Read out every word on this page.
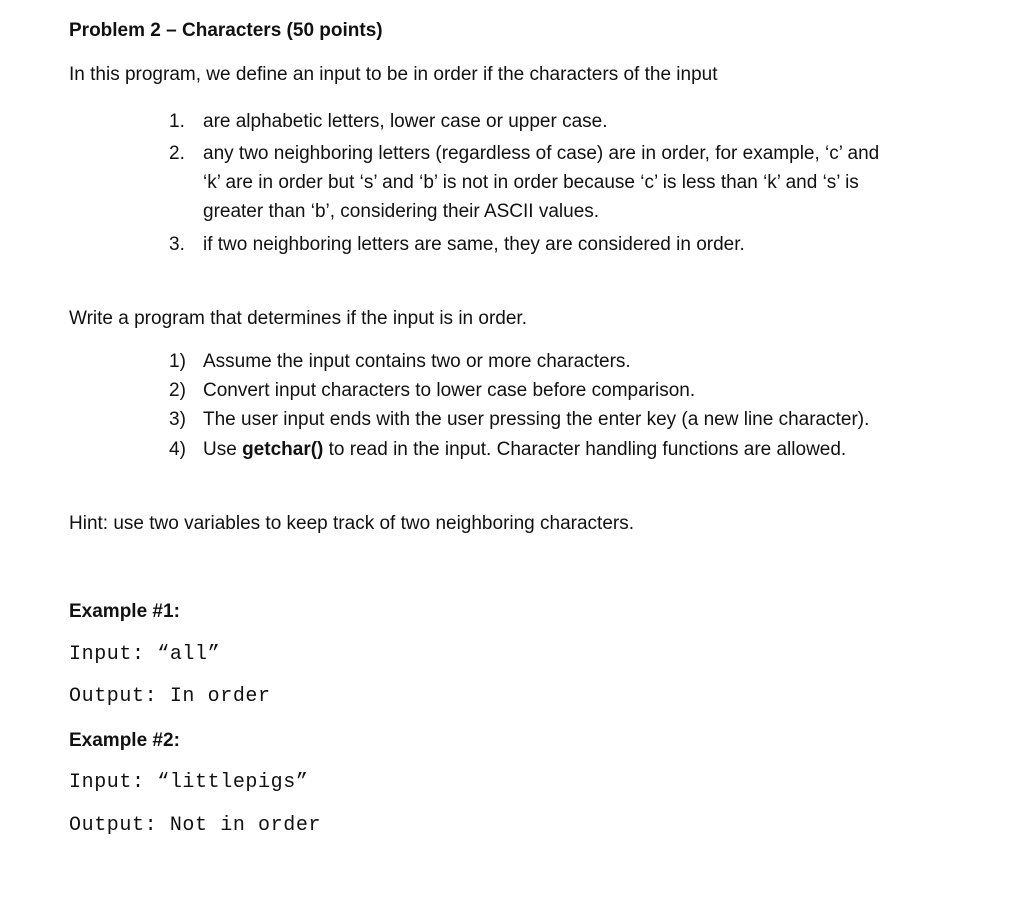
Problem 2 – Characters (50 points)
In this program, we define an input to be in order if the characters of the input
1. are alphabetic letters, lower case or upper case.
2. any two neighboring letters (regardless of case) are in order, for example, ‘c’ and
‘k’ are in order but ‘s’ and ‘b’ is not in order because ‘c’ is less than ‘k’ and ‘s’ is
greater than ‘b’, considering their ASCII values.
3. if two neighboring letters are same, they are considered in order.
Write a program that determines if the input is in order.
1) Assume the input contains two or more characters.
2) Convert input characters to lower case before comparison.
3) The user input ends with the user pressing the enter key (a new line character).
4) Use getchar() to read in the input. Character handling functions are allowed.
Hint: use two variables to keep track of two neighboring characters.
Example #1:
Input: “all”
Output: In order
Example #2:
Input: “littlepigs”
Output: Not in order
